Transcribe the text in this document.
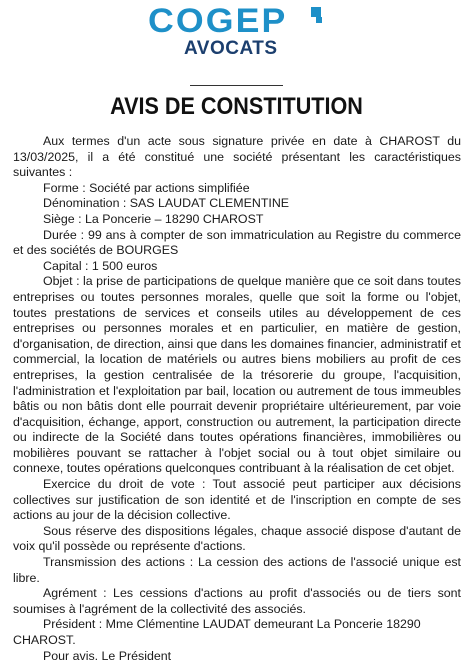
COGEP
AVOCATS
AVIS DE CONSTITUTION

Aux termes d'un acte sous signature privée en date à CHAROST du 13/03/2025, il a été constitué une société présentant les caractéristiques suivantes :

Forme : Société par actions simplifiée

Dénomination : SAS LAUDAT CLEMENTINE

Siège : La Poncerie – 18290 CHAROST

Durée : 99 ans à compter de son immatriculation au Registre du commerce et des sociétés de BOURGES

Capital : 1 500 euros

Objet : la prise de participations de quelque manière que ce soit dans toutes entreprises ou toutes personnes morales, quelle que soit la forme ou l'objet, toutes prestations de services et conseils utiles au développement de ces entreprises ou personnes morales et en particulier, en matière de gestion, d'organisation, de direction, ainsi que dans les domaines financier, administratif et commercial, la location de matériels ou autres biens mobiliers au profit de ces entreprises, la gestion centralisée de la trésorerie du groupe, l'acquisition, l'administration et l'exploitation par bail, location ou autrement de tous immeubles bâtis ou non bâtis dont elle pourrait devenir propriétaire ultérieurement, par voie d'acquisition, échange, apport, construction ou autrement, la participation directe ou indirecte de la Société dans toutes opérations financières, immobilières ou mobilières pouvant se rattacher à l'objet social ou à tout objet similaire ou connexe, toutes opérations quelconques contribuant à la réalisation de cet objet.

Exercice du droit de vote : Tout associé peut participer aux décisions collectives sur justification de son identité et de l'inscription en compte de ses actions au jour de la décision collective.

Sous réserve des dispositions légales, chaque associé dispose d'autant de voix qu'il possède ou représente d'actions.

Transmission des actions : La cession des actions de l'associé unique est libre.

Agrément : Les cessions d'actions au profit d'associés ou de tiers sont soumises à l'agrément de la collectivité des associés.

Président : Mme Clémentine LAUDAT demeurant La Poncerie 18290 CHAROST.

Pour avis. Le Président
